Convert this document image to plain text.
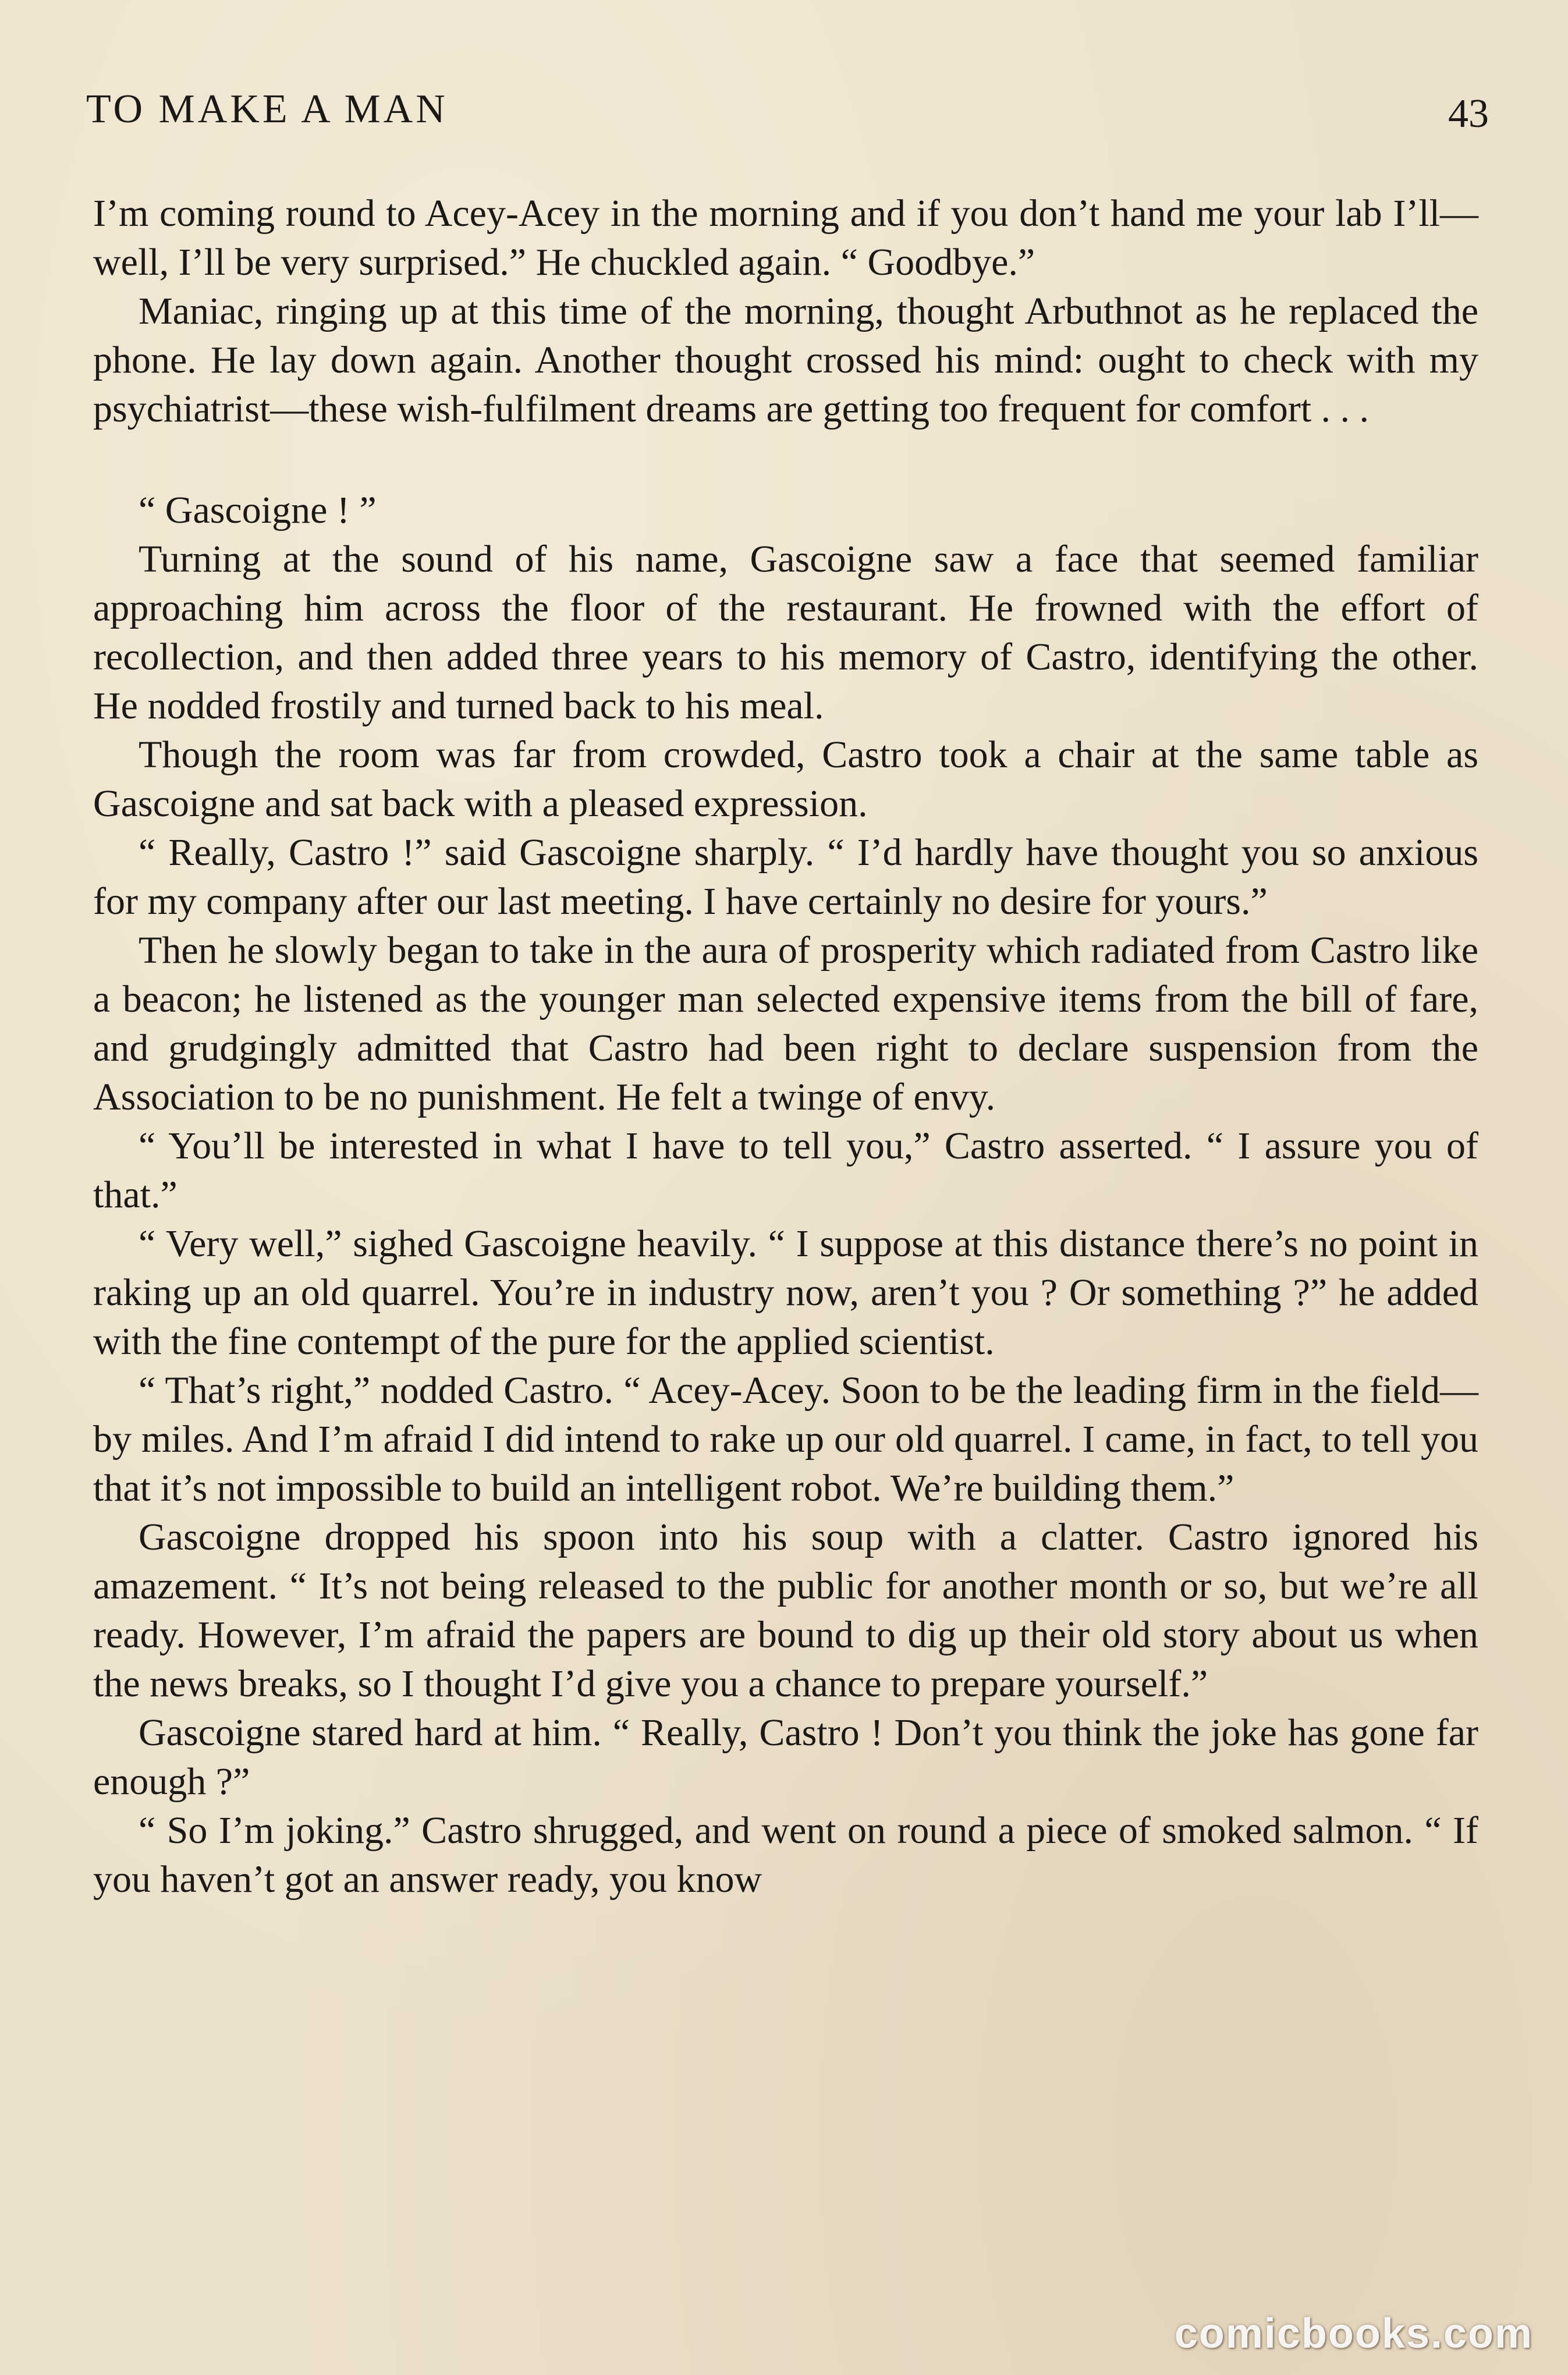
TO MAKE A MAN	43

I’m coming round to Acey-Acey in the morning and if you don’t hand me your lab I’ll—well, I’ll be very surprised.” He chuckled again. “ Goodbye.”

Maniac, ringing up at this time of the morning, thought Arbuthnot as he replaced the phone. He lay down again. Another thought crossed his mind: ought to check with my psychiatrist—these wish-fulfilment dreams are getting too frequent for comfort . . .

“ Gascoigne ! ”

Turning at the sound of his name, Gascoigne saw a face that seemed familiar approaching him across the floor of the restaurant. He frowned with the effort of recollection, and then added three years to his memory of Castro, identifying the other. He nodded frostily and turned back to his meal.

Though the room was far from crowded, Castro took a chair at the same table as Gascoigne and sat back with a pleased expression.

“ Really, Castro !” said Gascoigne sharply. “ I’d hardly have thought you so anxious for my company after our last meeting. I have certainly no desire for yours.”

Then he slowly began to take in the aura of prosperity which radiated from Castro like a beacon; he listened as the younger man selected expensive items from the bill of fare, and grudgingly admitted that Castro had been right to declare suspension from the Association to be no punishment. He felt a twinge of envy.

“ You’ll be interested in what I have to tell you,” Castro asserted. “ I assure you of that.”

“ Very well,” sighed Gascoigne heavily. “ I suppose at this distance there’s no point in raking up an old quarrel. You’re in industry now, aren’t you ? Or something ?” he added with the fine contempt of the pure for the applied scientist.

“ That’s right,” nodded Castro. “ Acey-Acey. Soon to be the leading firm in the field—by miles. And I’m afraid I did intend to rake up our old quarrel. I came, in fact, to tell you that it’s not impossible to build an intelligent robot. We’re building them.”

Gascoigne dropped his spoon into his soup with a clatter. Castro ignored his amazement. “ It’s not being released to the public for another month or so, but we’re all ready. However, I’m afraid the papers are bound to dig up their old story about us when the news breaks, so I thought I’d give you a chance to prepare yourself.”

Gascoigne stared hard at him. “ Really, Castro ! Don’t you think the joke has gone far enough ?”

“ So I’m joking.” Castro shrugged, and went on round a piece of smoked salmon. “ If you haven’t got an answer ready, you know

comicbooks.com
